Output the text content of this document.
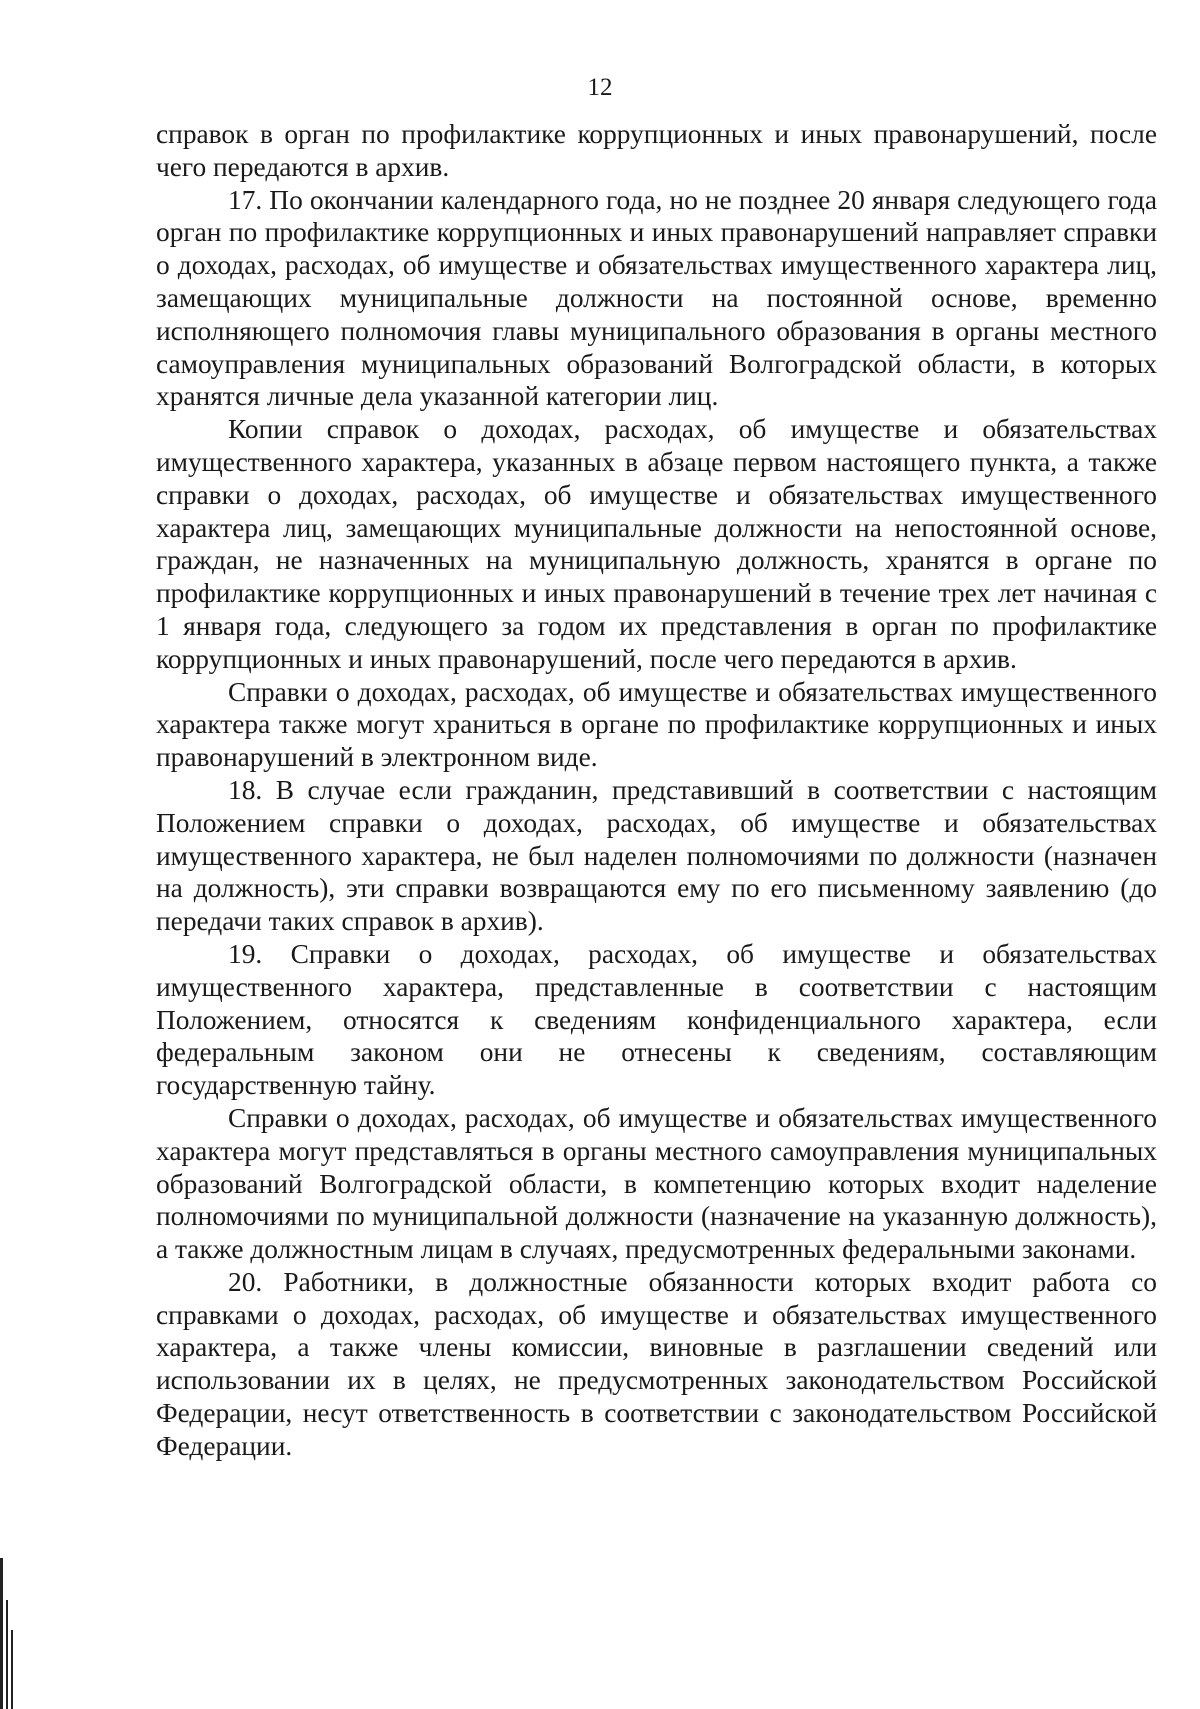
12

справок в орган по профилактике коррупционных и иных правонарушений, после чего передаются в архив.

17. По окончании календарного года, но не позднее 20 января следующего года орган по профилактике коррупционных и иных правонарушений направляет справки о доходах, расходах, об имуществе и обязательствах имущественного характера лиц, замещающих муниципальные должности на постоянной основе, временно исполняющего полномочия главы муниципального образования в органы местного самоуправления муниципальных образований Волгоградской области, в которых хранятся личные дела указанной категории лиц.

Копии справок о доходах, расходах, об имуществе и обязательствах имущественного характера, указанных в абзаце первом настоящего пункта, а также справки о доходах, расходах, об имуществе и обязательствах имущественного характера лиц, замещающих муниципальные должности на непостоянной основе, граждан, не назначенных на муниципальную должность, хранятся в органе по профилактике коррупционных и иных правонарушений в течение трех лет начиная с 1 января года, следующего за годом их представления в орган по профилактике коррупционных и иных правонарушений, после чего передаются в архив.

Справки о доходах, расходах, об имуществе и обязательствах имущественного характера также могут храниться в органе по профилактике коррупционных и иных правонарушений в электронном виде.

18. В случае если гражданин, представивший в соответствии с настоящим Положением справки о доходах, расходах, об имуществе и обязательствах имущественного характера, не был наделен полномочиями по должности (назначен на должность), эти справки возвращаются ему по его письменному заявлению (до передачи таких справок в архив).

19. Справки о доходах, расходах, об имуществе и обязательствах имущественного характера, представленные в соответствии с настоящим Положением, относятся к сведениям конфиденциального характера, если федеральным законом они не отнесены к сведениям, составляющим государственную тайну.

Справки о доходах, расходах, об имуществе и обязательствах имущественного характера могут представляться в органы местного самоуправления муниципальных образований Волгоградской области, в компетенцию которых входит наделение полномочиями по муниципальной должности (назначение на указанную должность), а также должностным лицам в случаях, предусмотренных федеральными законами.

20. Работники, в должностные обязанности которых входит работа со справками о доходах, расходах, об имуществе и обязательствах имущественного характера, а также члены комиссии, виновные в разглашении сведений или использовании их в целях, не предусмотренных законодательством Российской Федерации, несут ответственность в соответствии с законодательством Российской Федерации.
